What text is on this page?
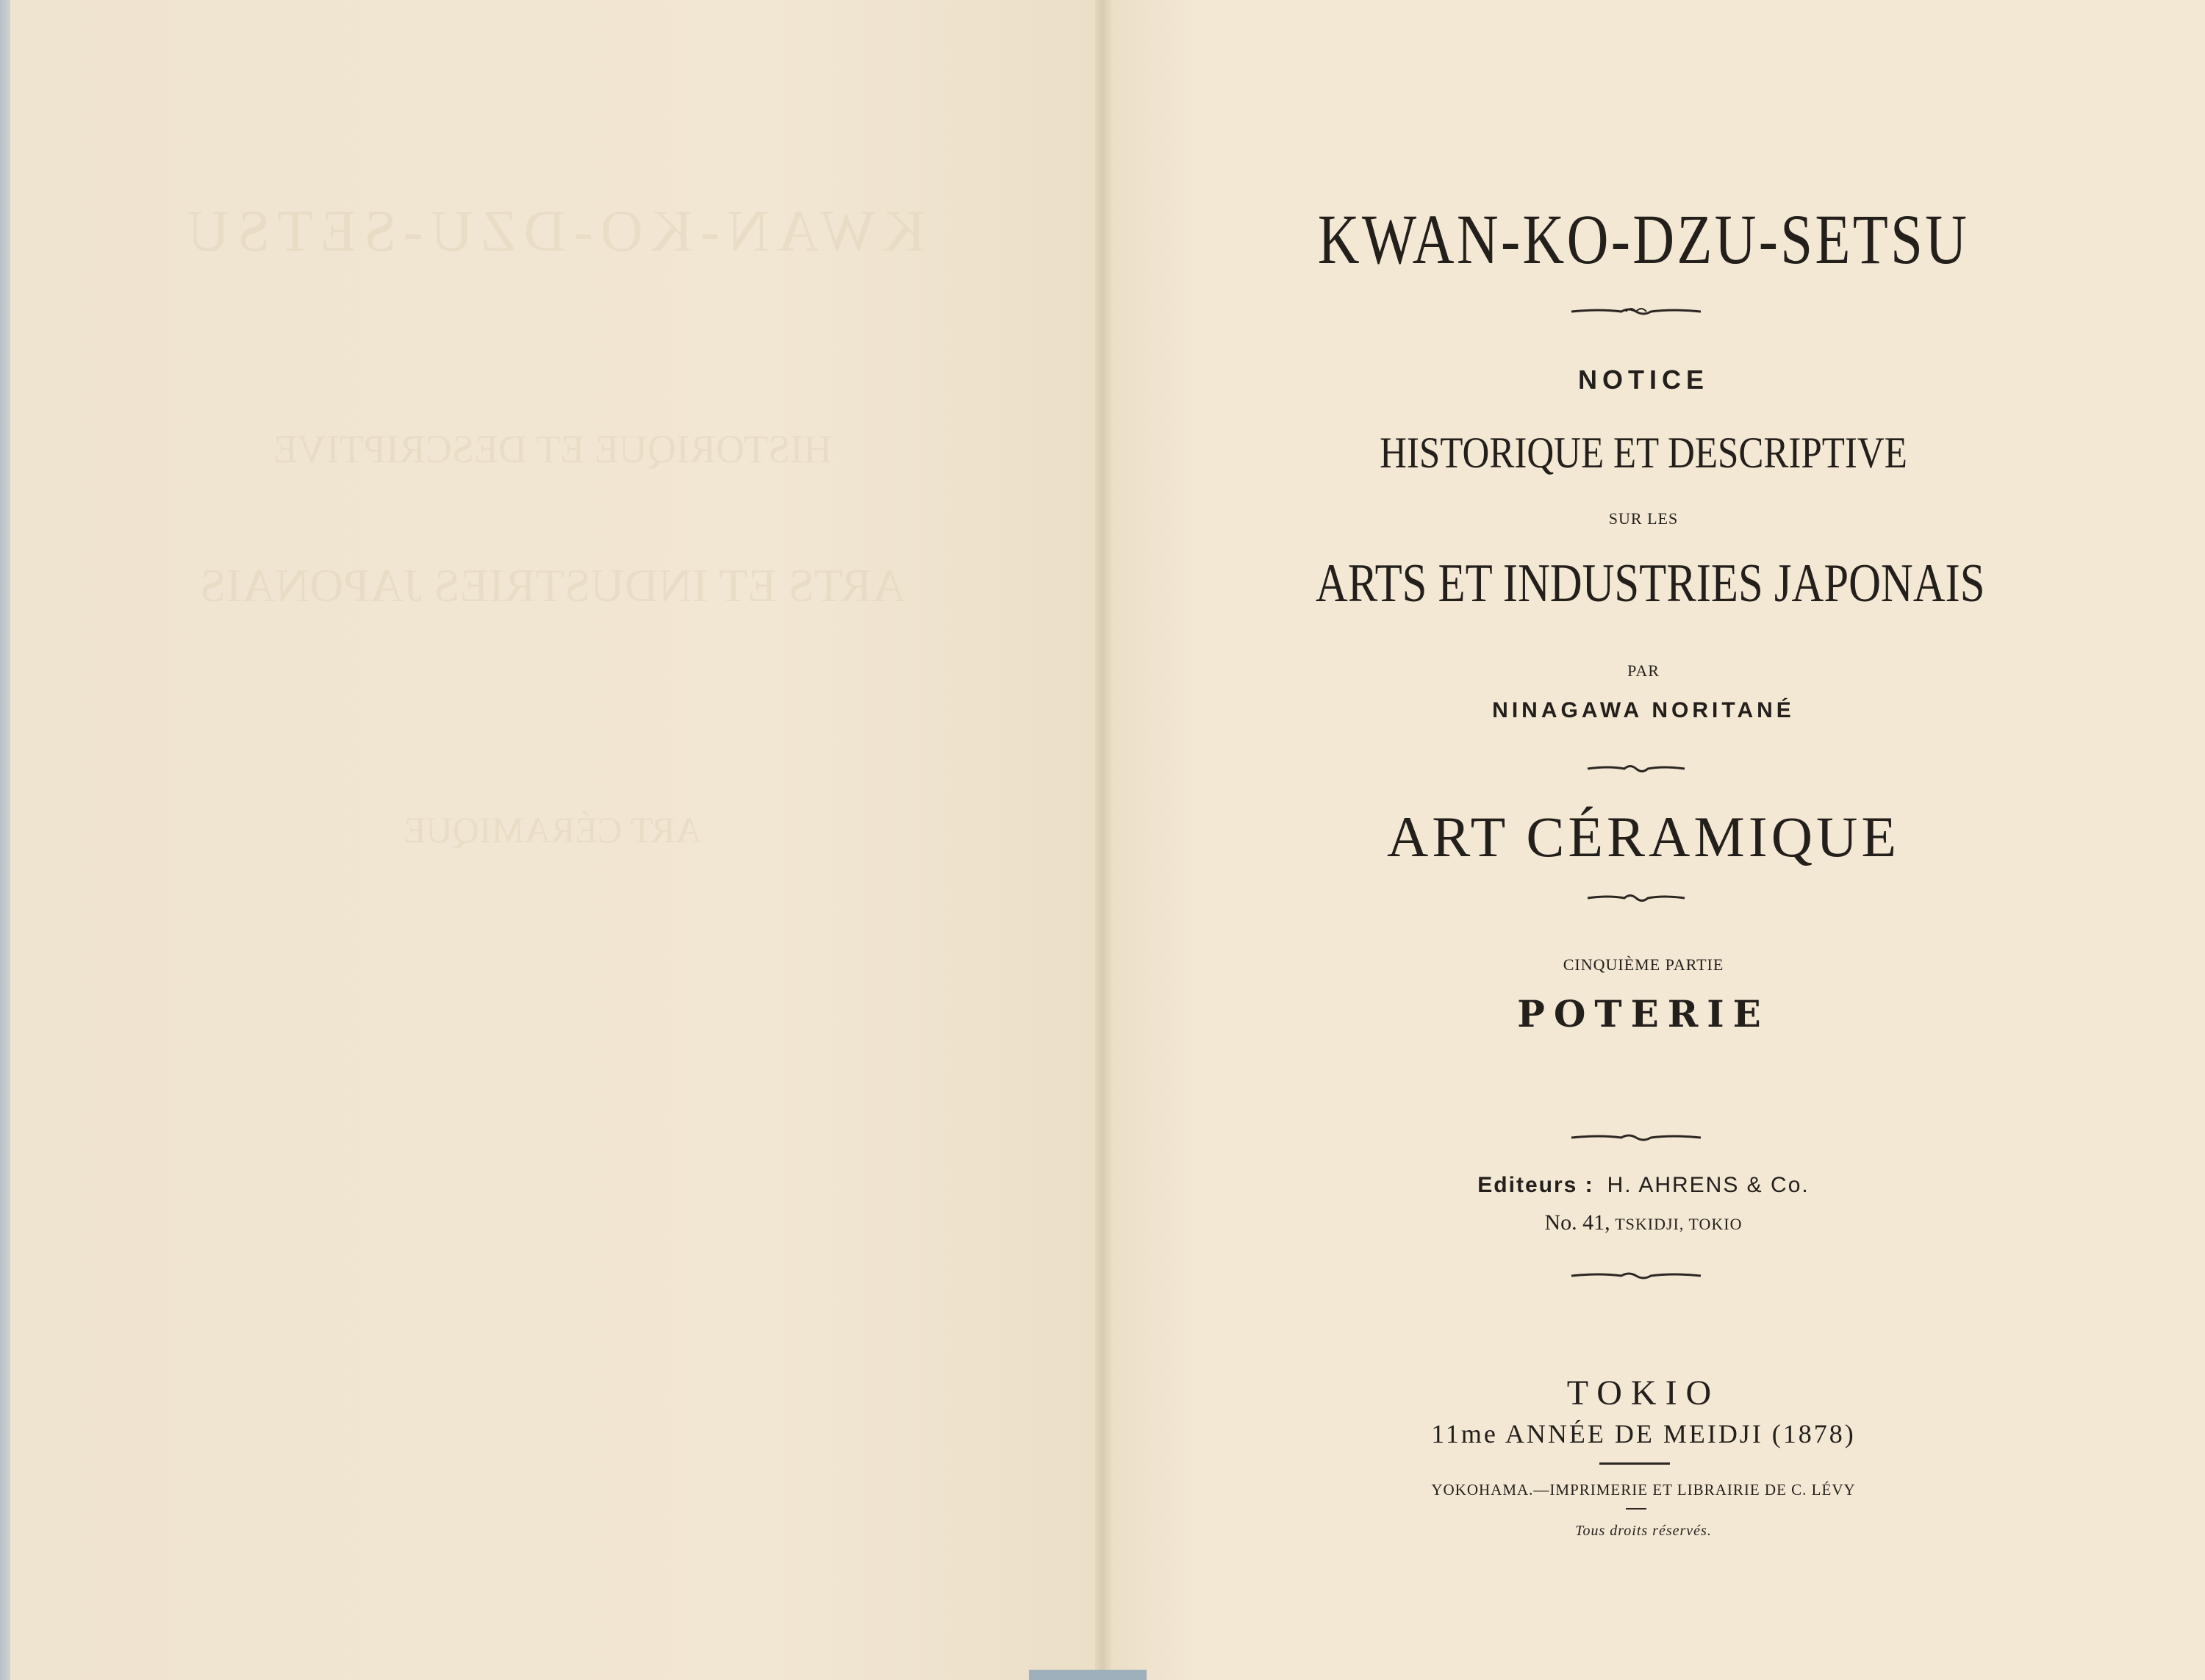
KWAN-KO-DZU-SETSU
HISTORIQUE ET DESCRIPTIVE
ARTS ET INDUSTRIES JAPONAIS
ART CÉRAMIQUE
KWAN-KO-DZU-SETSU
NOTICE
HISTORIQUE ET DESCRIPTIVE
SUR LES
ARTS ET INDUSTRIES JAPONAIS
PAR
NINAGAWA NORITANÉ
ART CÉRAMIQUE
CINQUIÈME PARTIE
POTERIE
Editeurs : H. AHRENS & Co.
No. 41, TSKIDJI, TOKIO
TOKIO
11me ANNÉE DE MEIDJI (1878)
YOKOHAMA.—IMPRIMERIE ET LIBRAIRIE DE C. LÉVY
Tous droits réservés.
